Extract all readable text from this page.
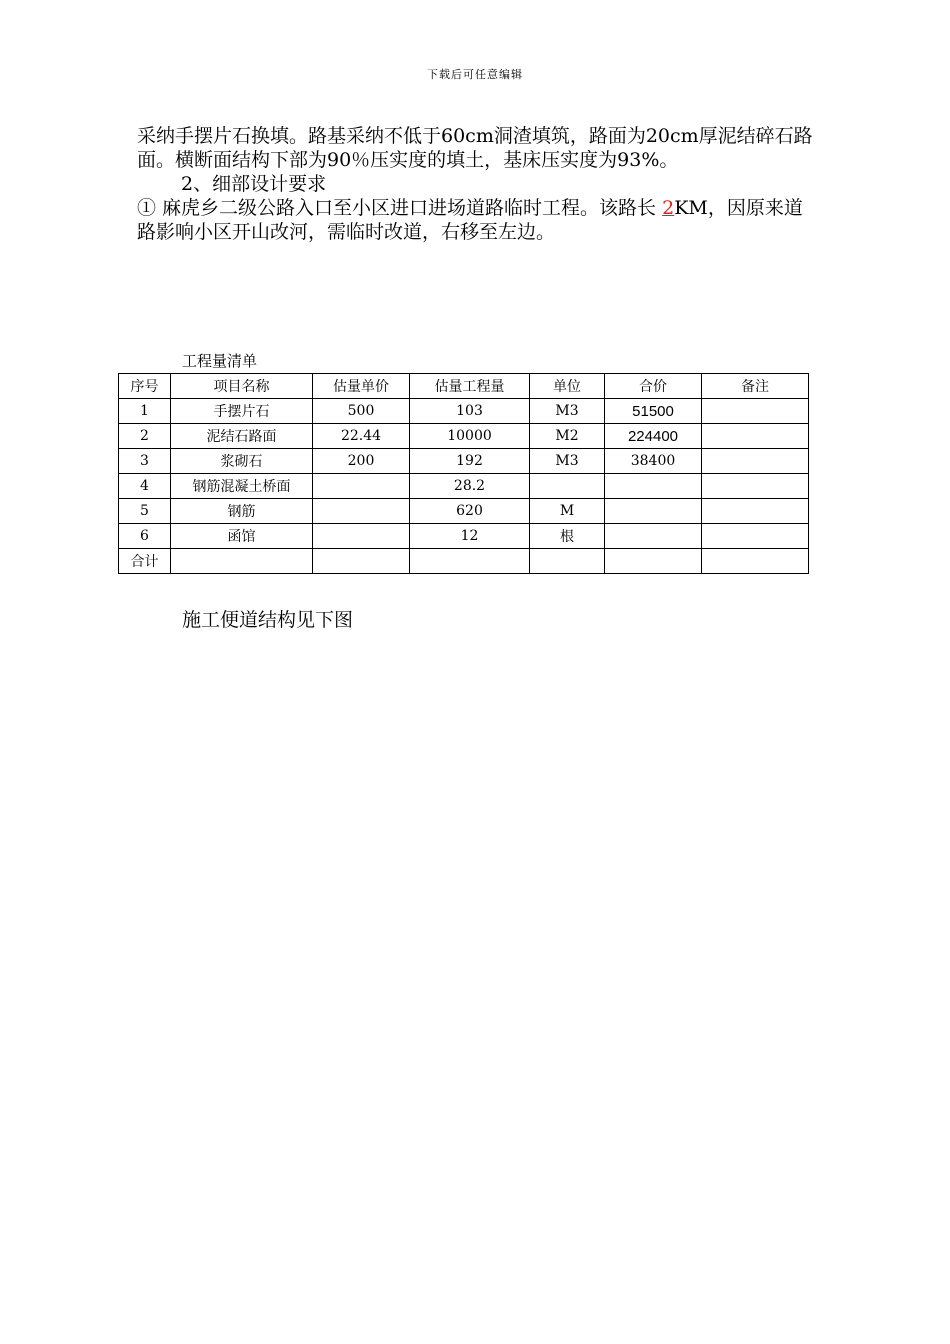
下载后可任意编辑

采纳手摆片石换填。路基采纳不低于60cm洞渣填筑，路面为20cm厚泥结碎石路面。横断面结构下部为90％压实度的填土，基床压实度为93%。

2、细部设计要求

① 麻虎乡二级公路入口至小区进口进场道路临时工程。该路长 2KM，因原来道路影响小区开山改河，需临时改道，右移至左边。

工程量清单
序号	项目名称	估量单价	估量工程量	单位	合价	备注
1	手摆片石	500	103	M3	51500	
2	泥结石路面	22.44	10000	M2	224400	
3	浆砌石	200	192	M3	38400	
4	钢筋混凝土桥面		28.2			
5	钢筋		620	M		
6	函馆		12	根		
合计						
施工便道结构见下图
